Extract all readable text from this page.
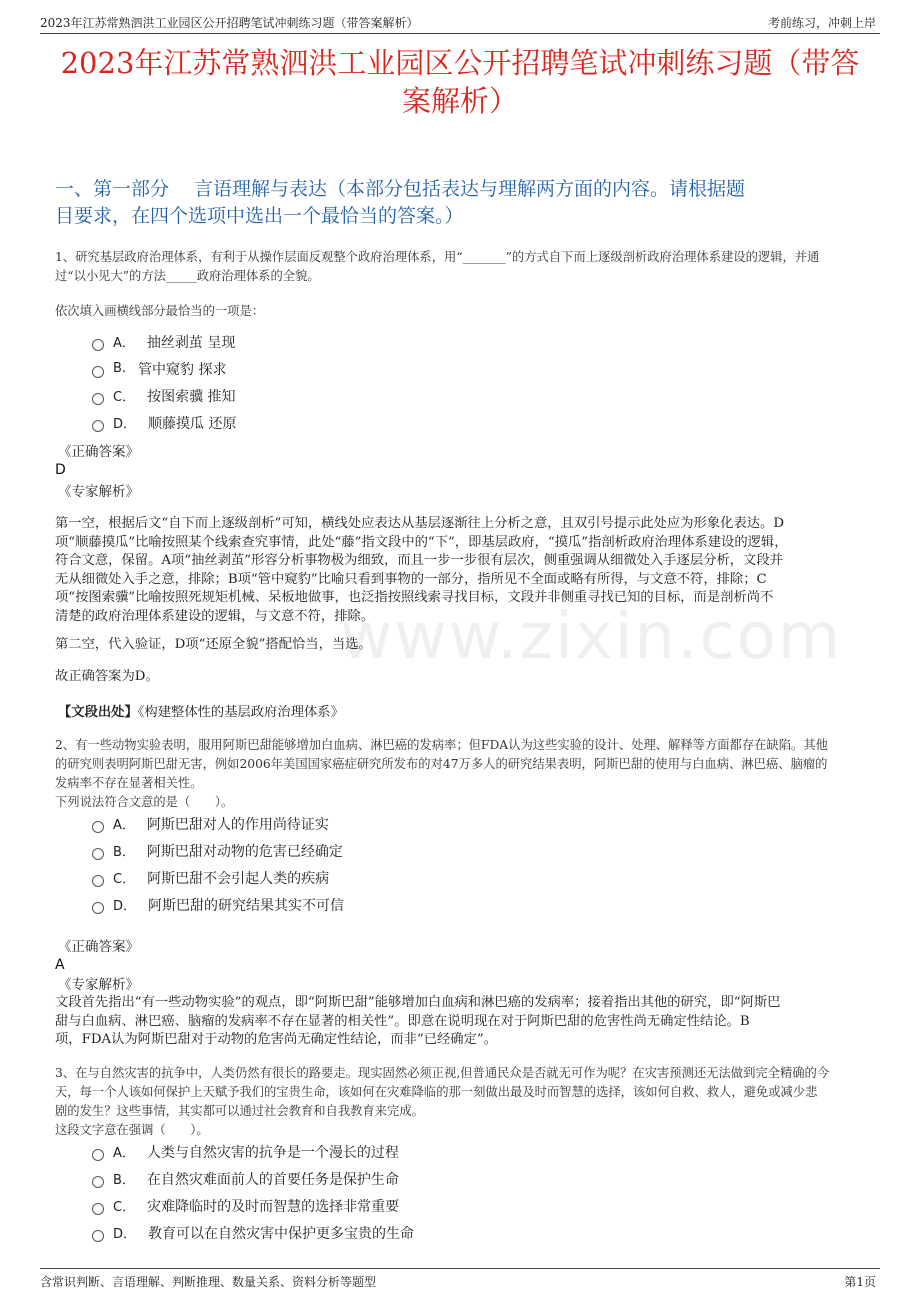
2023年江苏常熟泗洪工业园区公开招聘笔试冲刺练习题（带答案解析）	考前练习，冲刺上岸
2023年江苏常熟泗洪工业园区公开招聘笔试冲刺练习题（带答
案解析）
一、第一部分　 言语理解与表达（本部分包括表达与理解两方面的内容。请根据题
目要求，在四个选项中选出一个最恰当的答案。）
www.zixin.com
1、研究基层政府治理体系，有利于从操作层面反观整个政府治理体系，用“_______”的方式自下而上逐级剖析政府治理体系建设的逻辑，并通
过“以小见大”的方法_____政府治理体系的全貌。
依次填入画横线部分最恰当的一项是：
A． 抽丝剥茧 呈现
B. 管中窥豹 探求
C． 按图索骥 推知
D． 顺藤摸瓜 还原
《正确答案》
D
《专家解析》
第一空，根据后文“自下而上逐级剖析”可知，横线处应表达从基层逐渐往上分析之意，且双引号提示此处应为形象化表达。D
项“顺藤摸瓜”比喻按照某个线索查究事情，此处“藤”指文段中的“下”，即基层政府，“摸瓜”指剖析政府治理体系建设的逻辑，
符合文意，保留。A项“抽丝剥茧”形容分析事物极为细致，而且一步一步很有层次，侧重强调从细微处入手逐层分析，文段并
无从细微处入手之意，排除；B项“管中窥豹”比喻只看到事物的一部分，指所见不全面或略有所得，与文意不符，排除；C
项“按图索骥”比喻按照死规矩机械、呆板地做事，也泛指按照线索寻找目标，文段并非侧重寻找已知的目标，而是剖析尚不
清楚的政府治理体系建设的逻辑，与文意不符，排除。
第二空，代入验证，D项“还原全貌”搭配恰当，当选。
故正确答案为D。
【文段出处】《构建整体性的基层政府治理体系》
2、有一些动物实验表明，服用阿斯巴甜能够增加白血病、淋巴癌的发病率；但FDA认为这些实验的设计、处理、解释等方面都存在缺陷。其他
的研究则表明阿斯巴甜无害，例如2006年美国国家癌症研究所发布的对47万多人的研究结果表明，阿斯巴甜的使用与白血病、淋巴癌、脑瘤的
发病率不存在显著相关性。
下列说法符合文意的是（　　）。
A． 阿斯巴甜对人的作用尚待证实
B． 阿斯巴甜对动物的危害已经确定
C． 阿斯巴甜不会引起人类的疾病
D． 阿斯巴甜的研究结果其实不可信
《正确答案》
A
《专家解析》
文段首先指出“有一些动物实验”的观点，即“阿斯巴甜”能够增加白血病和淋巴癌的发病率；接着指出其他的研究，即“阿斯巴
甜与白血病、淋巴癌、脑瘤的发病率不存在显著的相关性”。即意在说明现在对于阿斯巴甜的危害性尚无确定性结论。B
项，FDA认为阿斯巴甜对于动物的危害尚无确定性结论，而非“已经确定”。
3、在与自然灾害的抗争中，人类仍然有很长的路要走。现实固然必须正视,但普通民众是否就无可作为呢？在灾害预测还无法做到完全精确的今
天，每一个人该如何保护上天赋予我们的宝贵生命，该如何在灾难降临的那一刻做出最及时而智慧的选择，该如何自救、救人，避免或减少悲
剧的发生？这些事情，其实都可以通过社会教育和自我教育来完成。
这段文字意在强调（　　）。
A． 人类与自然灾害的抗争是一个漫长的过程
B． 在自然灾难面前人的首要任务是保护生命
C． 灾难降临时的及时而智慧的选择非常重要
D． 教育可以在自然灾害中保护更多宝贵的生命
含常识判断、言语理解、判断推理、数量关系、资料分析等题型	第1页
